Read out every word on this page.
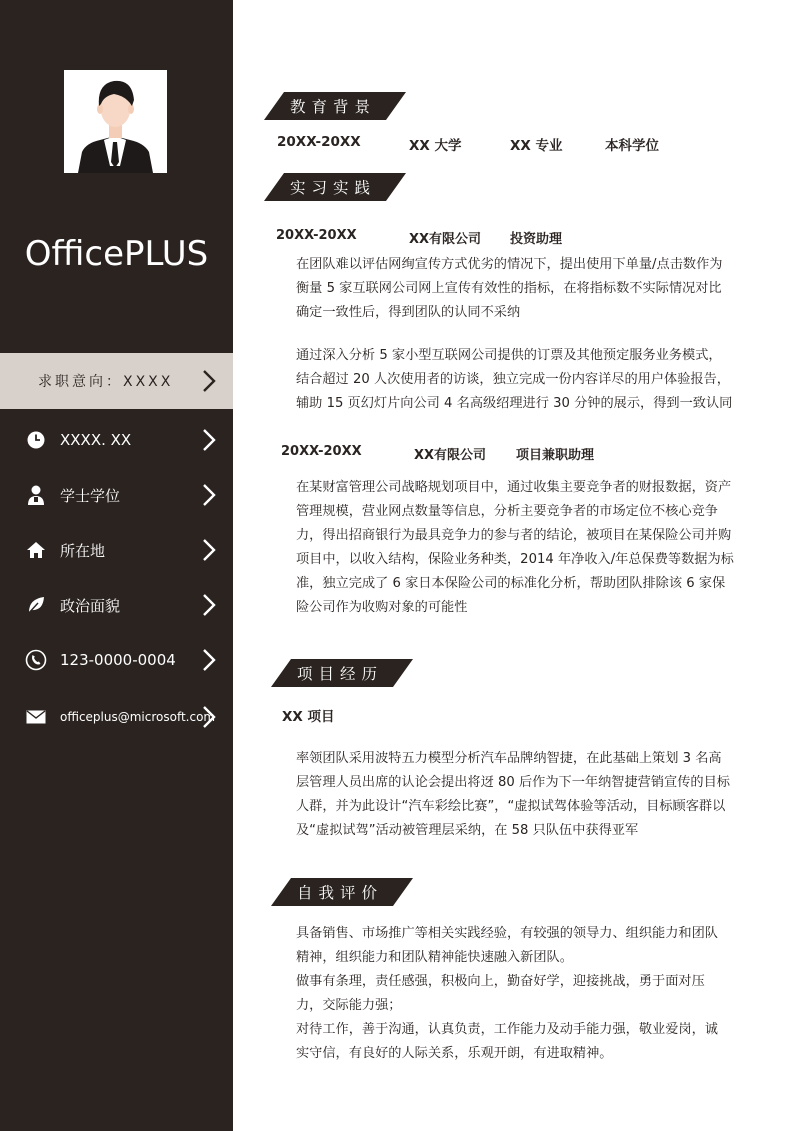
OfficePLUS
求职意向：XXXX
XXXX. XX
学士学位
所在地
政治面貌
123-0000-0004
officeplus@microsoft.com
教育背景
20XX-20XX	XX 大学	XX 专业	本科学位
实习实践
20XX-20XX	XX有限公司 投资助理
在团队难以评估网绚宣传方式优劣的情况下，提出使用下单量/点击数作为衡量 5 家互联网公司网上宣传有效性的指标，在将指标数不实际情况对比确定一致性后，得到团队的认同不采纳
通过深入分析 5 家小型互联网公司提供的订票及其他预定服务业务模式，结合超过 20 人次使用者的访谈，独立完成一份内容详尽的用户体验报告，辅助 15 页幻灯片向公司 4 名高级绍理进行 30 分钟的展示，得到一致认同
20XX-20XX	XX有限公司 项目兼职助理
在某财富管理公司战略规划项目中，通过收集主要竞争者的财报数据，资产管理规模，营业网点数量等信息，分析主要竞争者的市场定位不核心竞争力，得出招商银行为最具竞争力的参与者的结论，被项目在某保险公司并购项目中，以收入结构，保险业务种类，2014 年净收入/年总保费等数据为标准，独立完成了 6 家日本保险公司的标准化分析，帮助团队排除该 6 家保险公司作为收购对象的可能性
项目经历
XX 项目
率领团队采用波特五力模型分析汽车品牌纳智捷，在此基础上策划 3 名高层管理人员出席的认论会提出将迓 80 后作为下一年纳智捷营销宣传的目标人群，并为此设计“汽车彩绘比赛”，“虚拟试驾体验等活动，目标顾客群以及“虚拟试驾”活动被管理层采纳，在 58 只队伍中获得亚军
自我评价
具备销售、市场推广等相关实践经验，有较强的领导力、组织能力和团队精神，组织能力和团队精神能快速融入新团队。
做事有条理，责任感强，积极向上，勤奋好学，迎接挑战，勇于面对压力，交际能力强；
对待工作，善于沟通，认真负责，工作能力及动手能力强，敬业爱岗，诚实守信，有良好的人际关系，乐观开朗，有进取精神。
